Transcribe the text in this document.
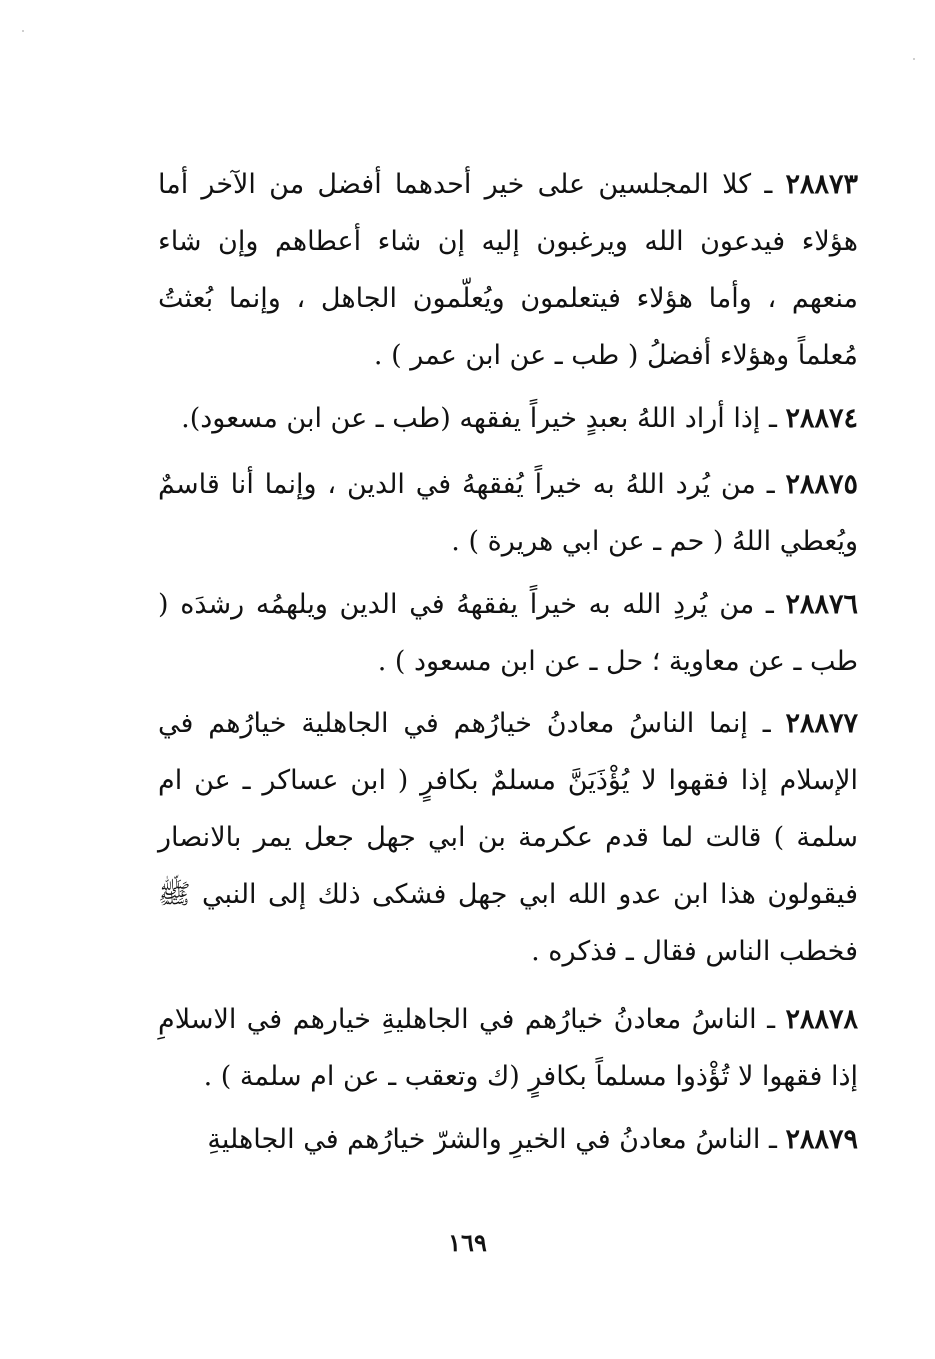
٢٨٨٧٣ ـ كلا المجلسين على خير أحدهما أفضل من الآخر أما هؤلاء فيدعون الله ويرغبون إليه إن شاء أعطاهم وإن شاء منعهم ، وأما هؤلاء فيتعلمون ويُعلّمون الجاهل ، وإنما بُعثتُ مُعلماً وهؤلاء أفضلُ ( طب ـ عن ابن عمر ) .

٢٨٨٧٤ ـ إذا أراد اللهُ بعبدٍ خيراً يفقهه (طب ـ عن ابن مسعود).

٢٨٨٧٥ ـ من يُرد اللهُ به خيراً يُفقههُ في الدين ، وإنما أنا قاسمٌ ويُعطي اللهُ ( حم ـ عن ابي هريرة ) .

٢٨٨٧٦ ـ من يُردِ الله به خيراً يفقههُ في الدين ويلهمُه رشدَه ( طب ـ عن معاوية ؛ حل ـ عن ابن مسعود ) .

٢٨٨٧٧ ـ إنما الناسُ معادنُ خيارُهم في الجاهلية خيارُهم في الإسلام إذا فقهوا لا يُؤْذَيَنَّ مسلمٌ بكافرٍ ( ابن عساكر ـ عن ام سلمة ) قالت لما قدم عكرمة بن ابي جهل جعل يمر بالانصار فيقولون هذا ابن عدو الله ابي جهل فشكى ذلك إلى النبي ﷺ فخطب الناس فقال ـ فذكره .

٢٨٨٧٨ ـ الناسُ معادنُ خيارُهم في الجاهليةِ خيارهم في الاسلامِ إذا فقهوا لا تُؤْذوا مسلماً بكافرٍ (ك وتعقب ـ عن ام سلمة ) .

٢٨٨٧٩ ـ الناسُ معادنُ في الخيرِ والشرّ خيارُهم في الجاهليةِ

١٦٩
